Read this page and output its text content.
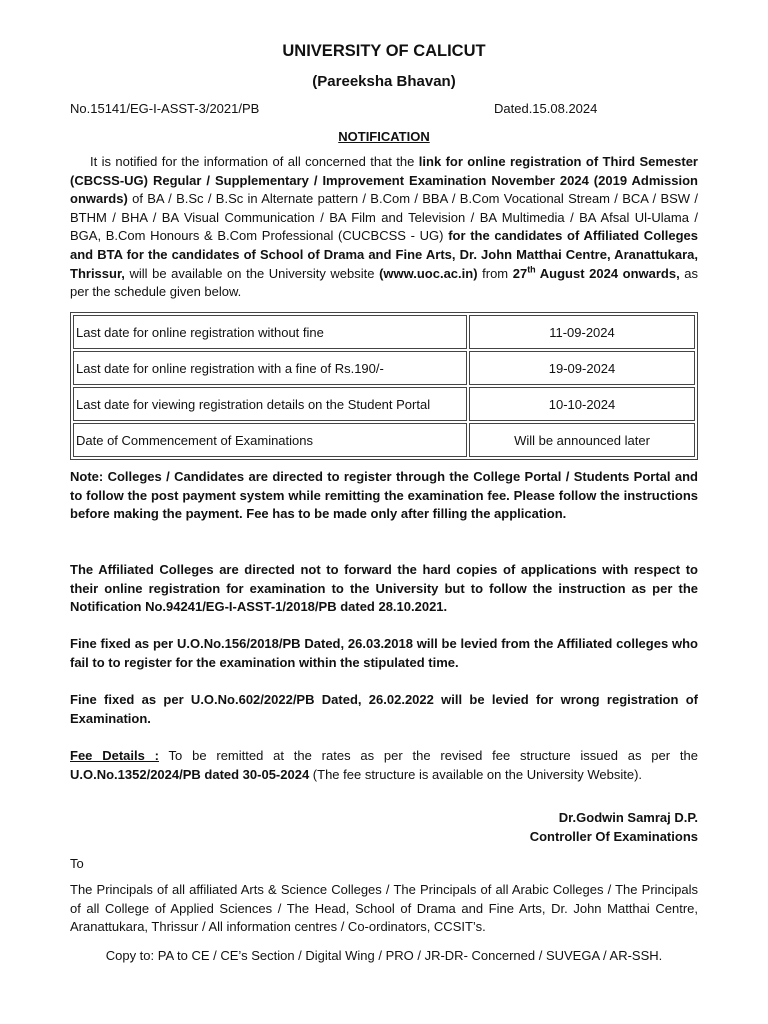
UNIVERSITY OF CALICUT
(Pareeksha Bhavan)
No.15141/EG-I-ASST-3/2021/PB	Dated.15.08.2024
NOTIFICATION
It is notified for the information of all concerned that the link for online registration of Third Semester (CBCSS-UG) Regular / Supplementary / Improvement Examination November 2024 (2019 Admission onwards) of BA / B.Sc / B.Sc in Alternate pattern / B.Com / BBA / B.Com Vocational Stream / BCA / BSW / BTHM / BHA / BA Visual Communication / BA Film and Television / BA Multimedia / BA Afsal Ul-Ulama / BGA, B.Com Honours & B.Com Professional (CUCBCSS - UG) for the candidates of Affiliated Colleges and BTA for the candidates of School of Drama and Fine Arts, Dr. John Matthai Centre, Aranattukara, Thrissur, will be available on the University website (www.uoc.ac.in) from 27th August 2024 onwards, as per the schedule given below.
Last date for online registration without fine	11-09-2024
Last date for online registration with a fine of Rs.190/-	19-09-2024
Last date for viewing registration details on the Student Portal	10-10-2024
Date of Commencement of Examinations	Will be announced later
Note: Colleges / Candidates are directed to register through the College Portal / Students Portal and to follow the post payment system while remitting the examination fee. Please follow the instructions before making the payment. Fee has to be made only after filling the application.
The Affiliated Colleges are directed not to forward the hard copies of applications with respect to their online registration for examination to the University but to follow the instruction as per the Notification No.94241/EG-I-ASST-1/2018/PB dated 28.10.2021.
Fine fixed as per U.O.No.156/2018/PB Dated, 26.03.2018 will be levied from the Affiliated colleges who fail to to register for the examination within the stipulated time.
Fine fixed as per U.O.No.602/2022/PB Dated, 26.02.2022 will be levied for wrong registration of Examination.
Fee Details : To be remitted at the rates as per the revised fee structure issued as per the U.O.No.1352/2024/PB dated 30-05-2024 (The fee structure is available on the University Website).
Dr.Godwin Samraj D.P.
Controller Of Examinations
To
The Principals of all affiliated Arts & Science Colleges / The Principals of all Arabic Colleges / The Principals of all College of Applied Sciences / The Head, School of Drama and Fine Arts, Dr. John Matthai Centre, Aranattukara, Thrissur / All information centres / Co-ordinators, CCSIT’s.
Copy to: PA to CE / CE’s Section / Digital Wing / PRO / JR-DR- Concerned / SUVEGA / AR-SSH.
